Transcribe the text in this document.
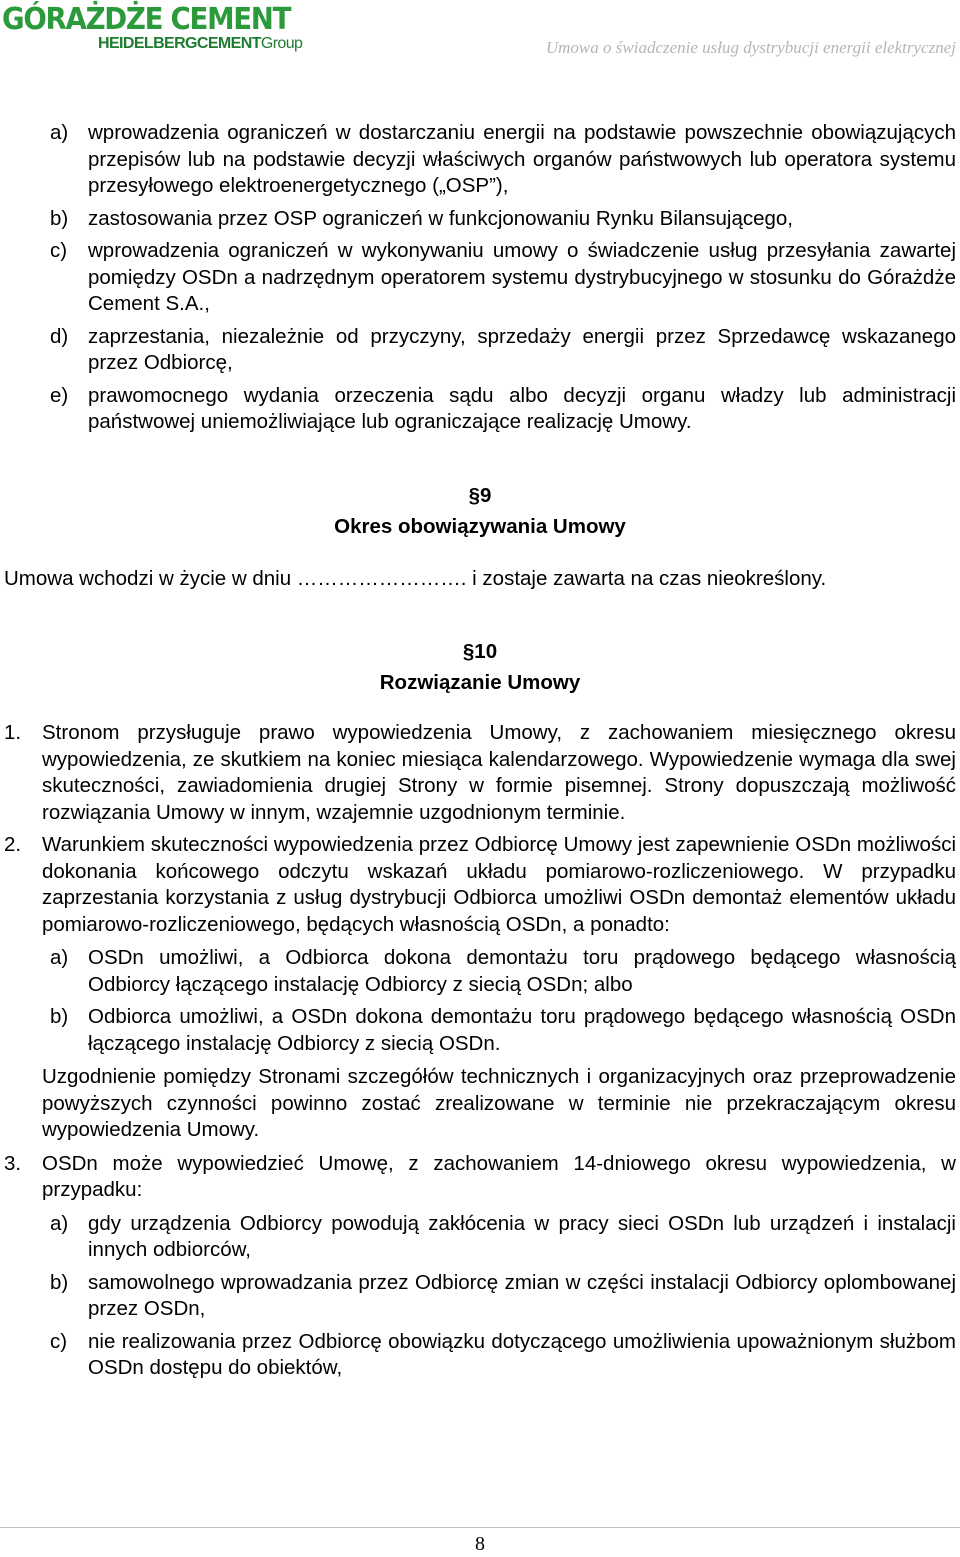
GÓRAŻDŻE CEMENT
HEIDELBERGCEMENTGroup	Umowa o świadczenie usług dystrybucji energii elektrycznej
a) wprowadzenia ograniczeń w dostarczaniu energii na podstawie powszechnie obowiązujących przepisów lub na podstawie decyzji właściwych organów państwowych lub operatora systemu przesyłowego elektroenergetycznego („OSP”),
b) zastosowania przez OSP ograniczeń w funkcjonowaniu Rynku Bilansującego,
c)	wprowadzenia ograniczeń w wykonywaniu umowy o świadczenie usług przesyłania zawartej pomiędzy OSDn a nadrzędnym operatorem systemu dystrybucyjnego w stosunku do Górażdże Cement S.A.,
d) zaprzestania, niezależnie od przyczyny, sprzedaży energii przez Sprzedawcę wskazanego przez Odbiorcę,
e) prawomocnego wydania orzeczenia sądu albo decyzji organu władzy lub administracji państwowej uniemożliwiające lub ograniczające realizację Umowy.
§9
Okres obowiązywania Umowy
Umowa wchodzi w życie w dniu ……………………. i zostaje zawarta na czas nieokreślony.
§10
Rozwiązanie Umowy
1.	Stronom przysługuje prawo wypowiedzenia Umowy, z zachowaniem miesięcznego okresu wypowiedzenia, ze skutkiem na koniec miesiąca kalendarzowego. Wypowiedzenie wymaga dla swej skuteczności, zawiadomienia drugiej Strony w formie pisemnej. Strony dopuszczają możliwość rozwiązania Umowy w innym, wzajemnie uzgodnionym terminie.
2.	Warunkiem skuteczności wypowiedzenia przez Odbiorcę Umowy jest zapewnienie OSDn możliwości dokonania końcowego odczytu wskazań układu pomiarowo-rozliczeniowego. W przypadku zaprzestania korzystania z usług dystrybucji Odbiorca umożliwi OSDn demontaż elementów układu pomiarowo-rozliczeniowego, będących własnością OSDn, a ponadto:
a) OSDn umożliwi, a Odbiorca dokona demontażu toru prądowego będącego własnością Odbiorcy łączącego instalację Odbiorcy z siecią OSDn; albo
b) Odbiorca umożliwi, a OSDn dokona demontażu toru prądowego będącego własnością OSDn łączącego instalację Odbiorcy z siecią OSDn.
Uzgodnienie pomiędzy Stronami szczegółów technicznych i organizacyjnych oraz przeprowadzenie powyższych czynności powinno zostać zrealizowane w terminie nie przekraczającym okresu wypowiedzenia Umowy.
3.	OSDn może wypowiedzieć Umowę, z zachowaniem 14-dniowego okresu wypowiedzenia, w przypadku:
a) gdy urządzenia Odbiorcy powodują zakłócenia w pracy sieci OSDn lub urządzeń i instalacji innych odbiorców,
b) samowolnego wprowadzania przez Odbiorcę zmian w części instalacji Odbiorcy oplombowanej przez OSDn,
c)	nie realizowania przez Odbiorcę obowiązku dotyczącego umożliwienia upoważnionym służbom OSDn dostępu do obiektów,
8
